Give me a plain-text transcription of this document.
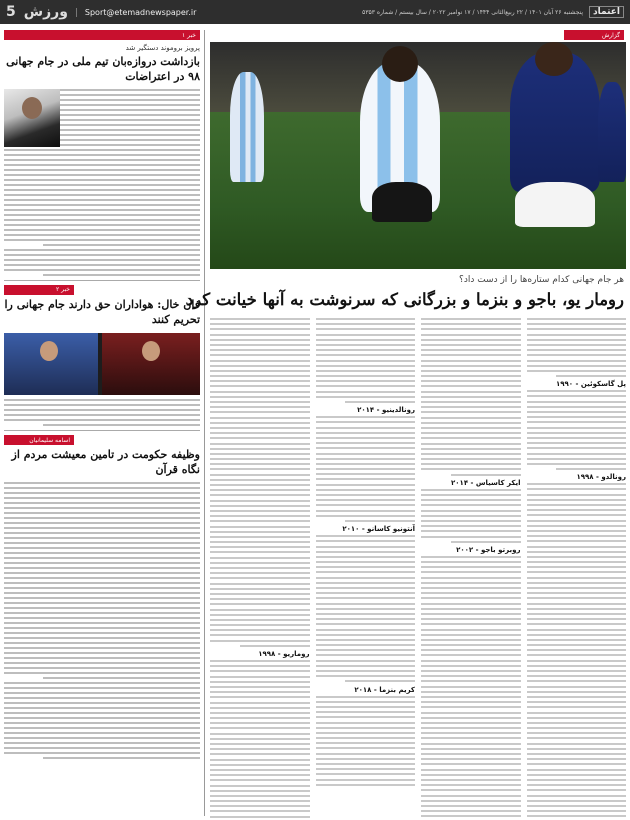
5 ورزش	Sport@etemadnewspaper.ir	پنجشنبه ۲۶ آبان ۱۴۰۱ / ۲۲ ربیع‌الثانی ۱۴۴۴ / ۱۷ نوامبر ۲۰۲۲ / سال بیستم / شماره ۵۳۵۳	اعتماد
خبر ۱
پرویز بروموند دستگیر شد
بازداشت دروازه‌بان تیم ملی در جام جهانی ۹۸ در اعتراضات
خبر ۲
فان خال: هواداران حق دارند جام جهانی را تحریم کنند
اسامه سلیمانیان
وظیفه حکومت در تامین معیشت مردم از نگاه قرآن
گزارش
هر جام جهانی کدام ستاره‌ها را از دست داد؟
رومار یو، باجو و بنزما و بزرگانی که سرنوشت به آنها خیانت کرد
پل گاسکوئین - ۱۹۹۰
رونالدو - ۱۹۹۸
ایکر کاسیاس - ۲۰۱۴
روبرتو باجو - ۲۰۰۲
رونالدینیو - ۲۰۱۴
آنتونیو کاسانو - ۲۰۱۰
کریم بنزما - ۲۰۱۸
روماریو - ۱۹۹۸
